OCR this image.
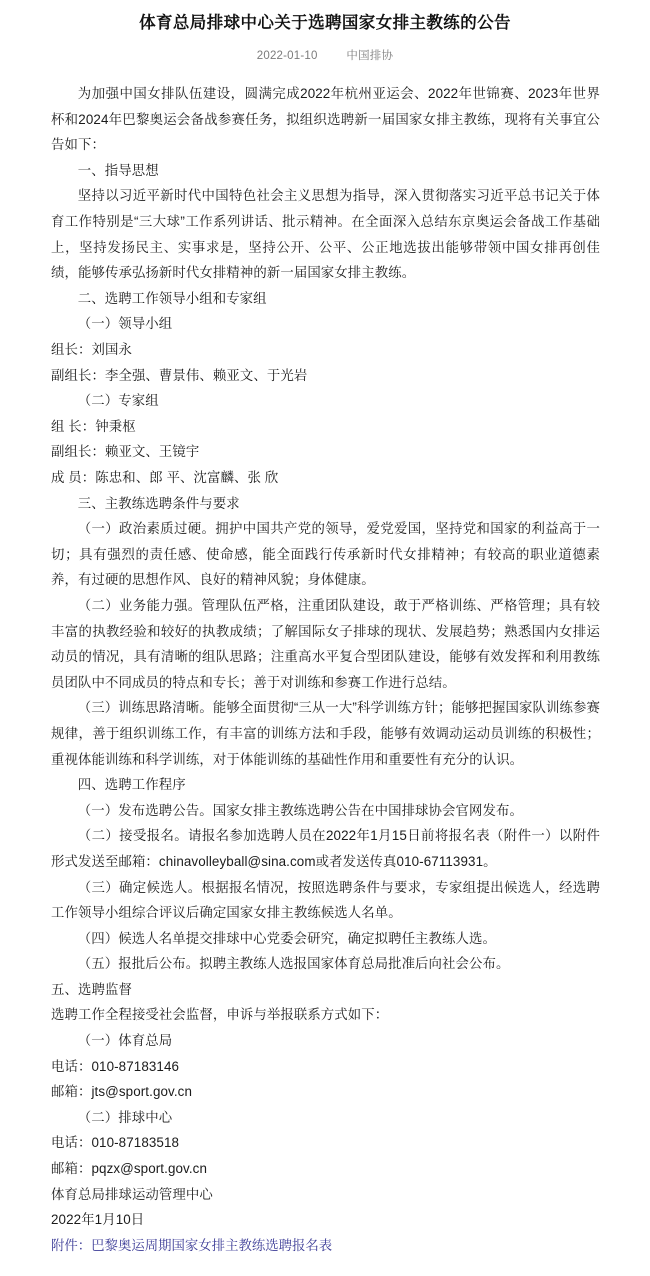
体育总局排球中心关于选聘国家女排主教练的公告
2022-01-10	中国排协

为加强中国女排队伍建设，圆满完成2022年杭州亚运会、2022年世锦赛、2023年世界杯和2024年巴黎奥运会备战参赛任务，拟组织选聘新一届国家女排主教练，现将有关事宜公告如下：

一、指导思想

坚持以习近平新时代中国特色社会主义思想为指导，深入贯彻落实习近平总书记关于体育工作特别是“三大球”工作系列讲话、批示精神。在全面深入总结东京奥运会备战工作基础上，坚持发扬民主、实事求是，坚持公开、公平、公正地选拔出能够带领中国女排再创佳绩，能够传承弘扬新时代女排精神的新一届国家女排主教练。

二、选聘工作领导小组和专家组

（一）领导小组

组长：刘国永

副组长：李全强、曹景伟、赖亚文、于光岩

（二）专家组

组 长：钟秉枢

副组长：赖亚文、王镜宇

成 员：陈忠和、郎 平、沈富麟、张 欣

三、主教练选聘条件与要求

（一）政治素质过硬。拥护中国共产党的领导，爱党爱国，坚持党和国家的利益高于一切；具有强烈的责任感、使命感，能全面践行传承新时代女排精神；有较高的职业道德素养，有过硬的思想作风、良好的精神风貌；身体健康。

（二）业务能力强。管理队伍严格，注重团队建设，敢于严格训练、严格管理；具有较丰富的执教经验和较好的执教成绩；了解国际女子排球的现状、发展趋势；熟悉国内女排运动员的情况，具有清晰的组队思路；注重高水平复合型团队建设，能够有效发挥和利用教练员团队中不同成员的特点和专长；善于对训练和参赛工作进行总结。

（三）训练思路清晰。能够全面贯彻“三从一大”科学训练方针；能够把握国家队训练参赛规律，善于组织训练工作，有丰富的训练方法和手段，能够有效调动运动员训练的积极性；重视体能训练和科学训练，对于体能训练的基础性作用和重要性有充分的认识。

四、选聘工作程序

（一）发布选聘公告。国家女排主教练选聘公告在中国排球协会官网发布。

（二）接受报名。请报名参加选聘人员在2022年1月15日前将报名表（附件一）以附件形式发送至邮箱：chinavolleyball@sina.com或者发送传真010-67113931。

（三）确定候选人。根据报名情况，按照选聘条件与要求，专家组提出候选人，经选聘工作领导小组综合评议后确定国家女排主教练候选人名单。

（四）候选人名单提交排球中心党委会研究，确定拟聘任主教练人选。

（五）报批后公布。拟聘主教练人选报国家体育总局批准后向社会公布。

五、选聘监督

选聘工作全程接受社会监督，申诉与举报联系方式如下：

（一）体育总局

电话：010-87183146

邮箱：jts@sport.gov.cn

（二）排球中心

电话：010-87183518

邮箱：pqzx@sport.gov.cn

体育总局排球运动管理中心

2022年1月10日

附件：巴黎奥运周期国家女排主教练选聘报名表
